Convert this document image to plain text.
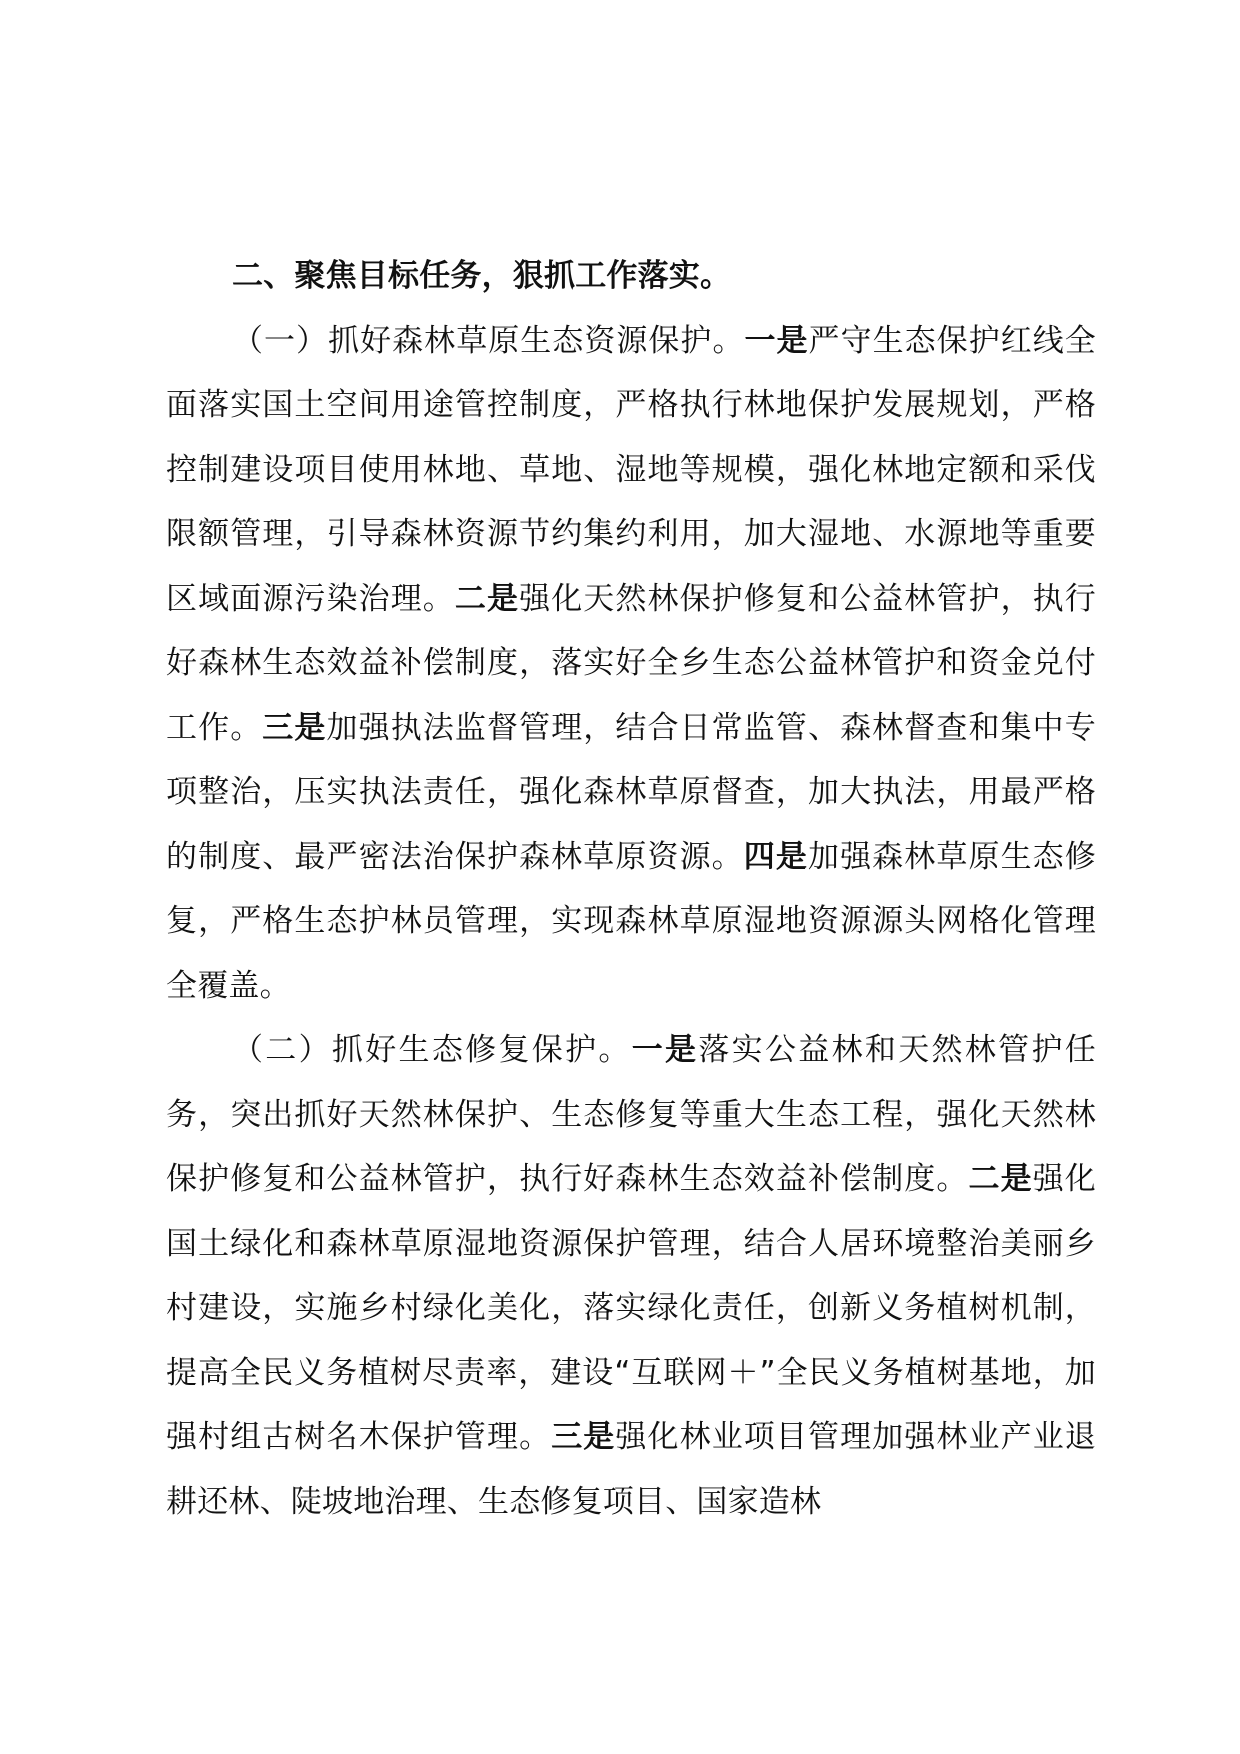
二、聚焦目标任务，狠抓工作落实。

（一）抓好森林草原生态资源保护。一是严守生态保护红线全面落实国土空间用途管控制度，严格执行林地保护发展规划，严格控制建设项目使用林地、草地、湿地等规模，强化林地定额和采伐限额管理，引导森林资源节约集约利用，加大湿地、水源地等重要区域面源污染治理。二是强化天然林保护修复和公益林管护，执行好森林生态效益补偿制度，落实好全乡生态公益林管护和资金兑付工作。三是加强执法监督管理，结合日常监管、森林督查和集中专项整治，压实执法责任，强化森林草原督查，加大执法，用最严格的制度、最严密法治保护森林草原资源。四是加强森林草原生态修复，严格生态护林员管理，实现森林草原湿地资源源头网格化管理全覆盖。

（二）抓好生态修复保护。一是落实公益林和天然林管护任务，突出抓好天然林保护、生态修复等重大生态工程，强化天然林保护修复和公益林管护，执行好森林生态效益补偿制度。二是强化国土绿化和森林草原湿地资源保护管理，结合人居环境整治美丽乡村建设，实施乡村绿化美化，落实绿化责任，创新义务植树机制，提高全民义务植树尽责率，建设“互联网＋”全民义务植树基地，加强村组古树名木保护管理。三是强化林业项目管理加强林业产业退耕还林、陡坡地治理、生态修复项目、国家造林
